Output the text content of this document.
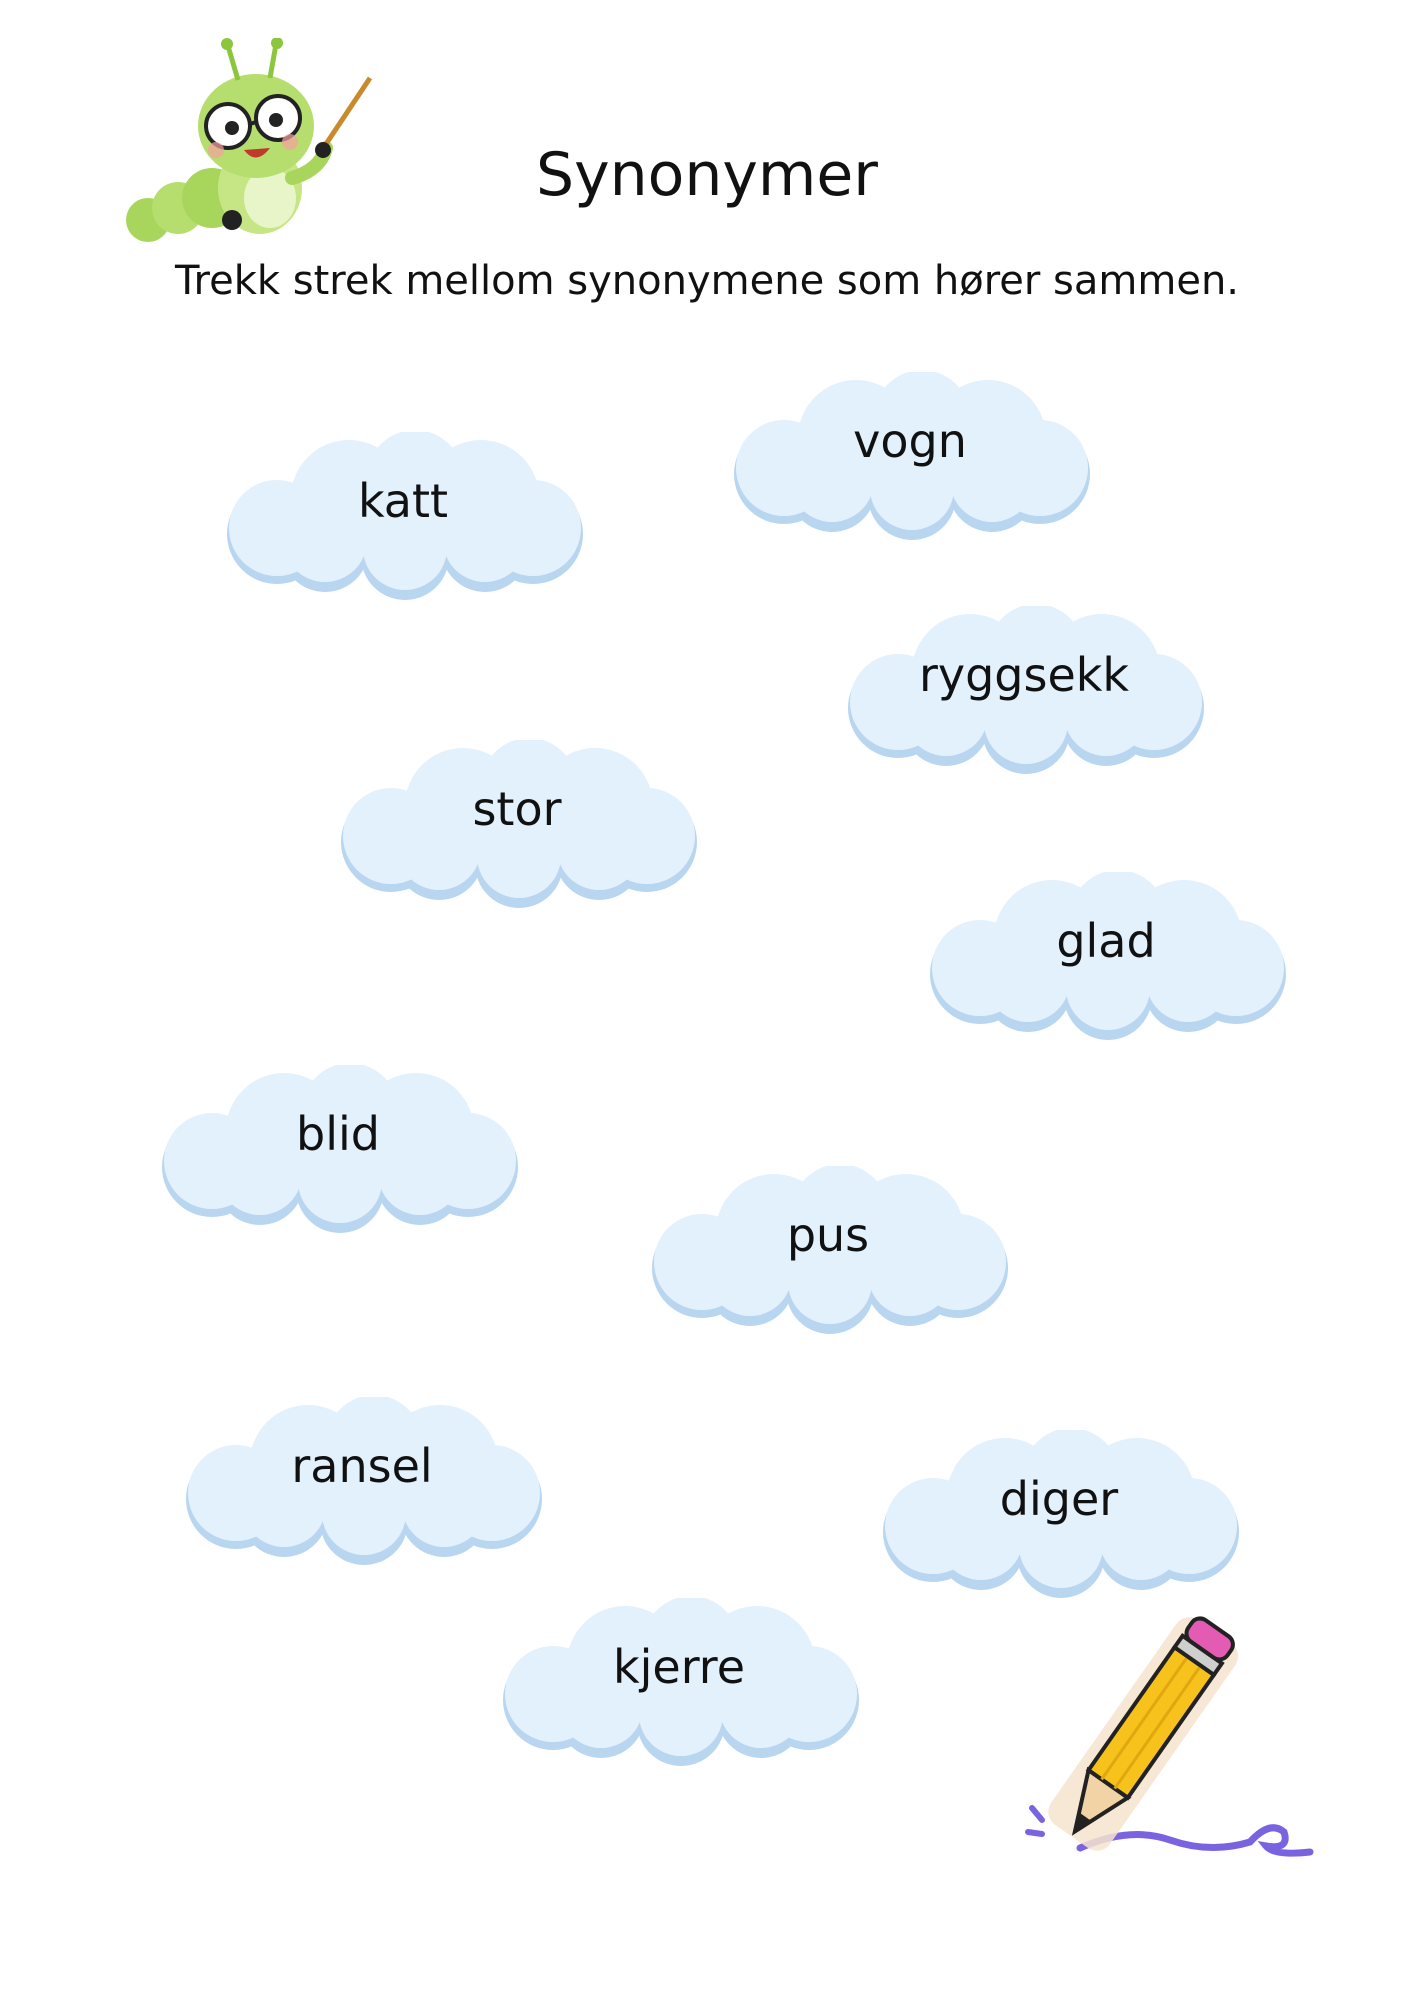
Synonymer
Trekk strek mellom synonymene som hører sammen.
vogn
katt
ryggsekk
stor
glad
blid
pus
ransel
diger
kjerre
